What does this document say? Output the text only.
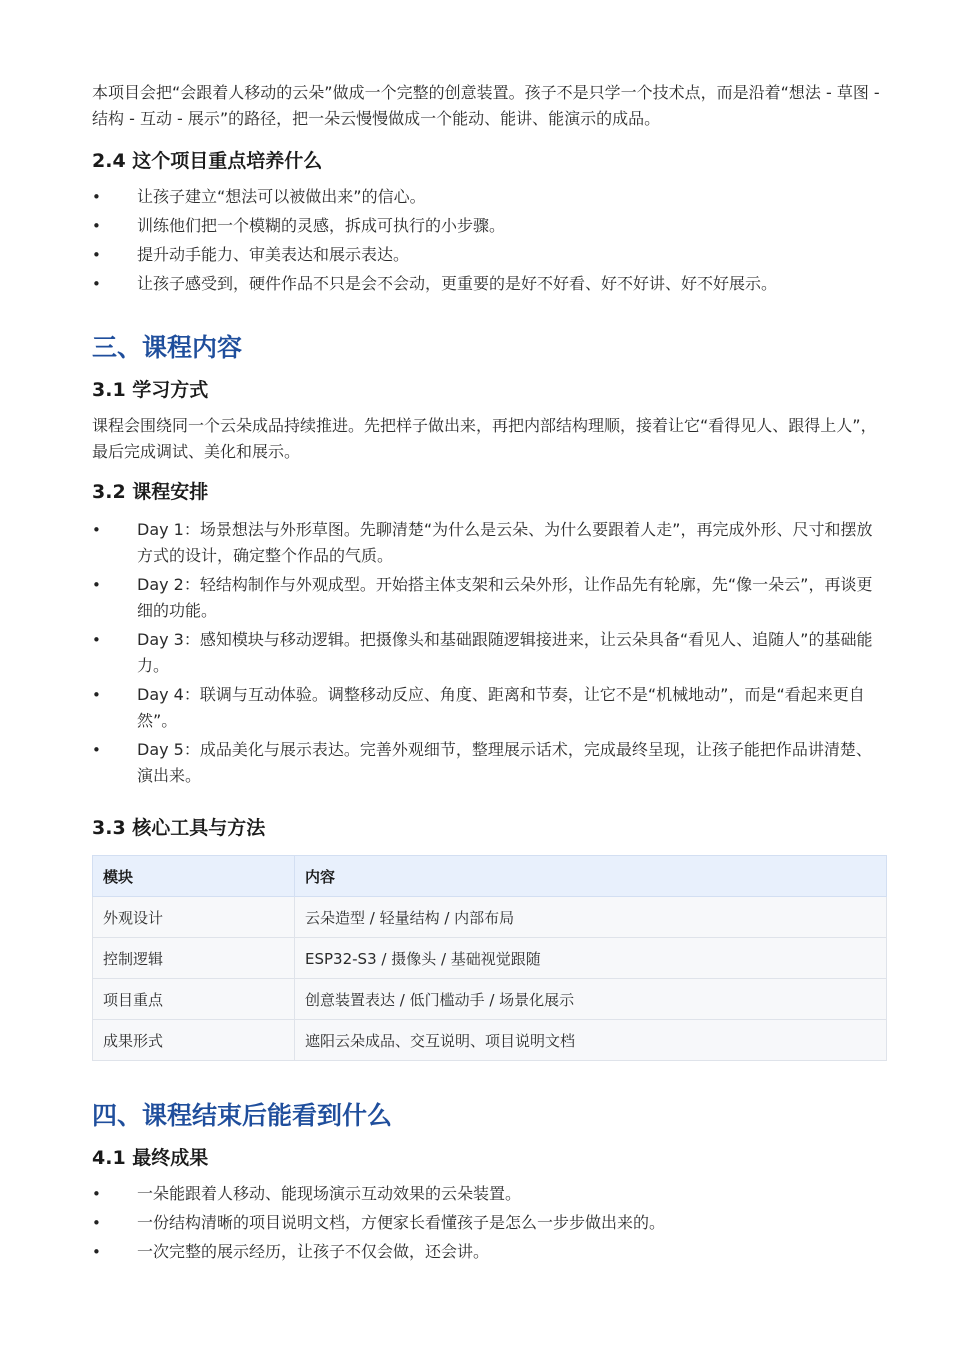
本项目会把“会跟着人移动的云朵”做成一个完整的创意装置。孩子不是只学一个技术点，而是沿着“想法 - 草图 - 结构 - 互动 - 展示”的路径，把一朵云慢慢做成一个能动、能讲、能演示的成品。

2.4 这个项目重点培养什么
• 让孩子建立“想法可以被做出来”的信心。
• 训练他们把一个模糊的灵感，拆成可执行的小步骤。
• 提升动手能力、审美表达和展示表达。
• 让孩子感受到，硬件作品不只是会不会动，更重要的是好不好看、好不好讲、好不好展示。
三、课程内容
3.1 学习方式

课程会围绕同一个云朵成品持续推进。先把样子做出来，再把内部结构理顺，接着让它“看得见人、跟得上人”，最后完成调试、美化和展示。

3.2 课程安排
• Day 1：场景想法与外形草图。先聊清楚“为什么是云朵、为什么要跟着人走”，再完成外形、尺寸和摆放方式的设计，确定整个作品的气质。
• Day 2：轻结构制作与外观成型。开始搭主体支架和云朵外形，让作品先有轮廓，先“像一朵云”，再谈更细的功能。
• Day 3：感知模块与移动逻辑。把摄像头和基础跟随逻辑接进来，让云朵具备“看见人、追随人”的基础能力。
• Day 4：联调与互动体验。调整移动反应、角度、距离和节奏，让它不是“机械地动”，而是“看起来更自然”。
• Day 5：成品美化与展示表达。完善外观细节，整理展示话术，完成最终呈现，让孩子能把作品讲清楚、演出来。
3.3 核心工具与方法
模块	内容
外观设计	云朵造型 / 轻量结构 / 内部布局
控制逻辑	ESP32-S3 / 摄像头 / 基础视觉跟随
项目重点	创意装置表达 / 低门槛动手 / 场景化展示
成果形式	遮阳云朵成品、交互说明、项目说明文档
四、课程结束后能看到什么
4.1 最终成果
• 一朵能跟着人移动、能现场演示互动效果的云朵装置。
• 一份结构清晰的项目说明文档，方便家长看懂孩子是怎么一步步做出来的。
• 一次完整的展示经历，让孩子不仅会做，还会讲。
